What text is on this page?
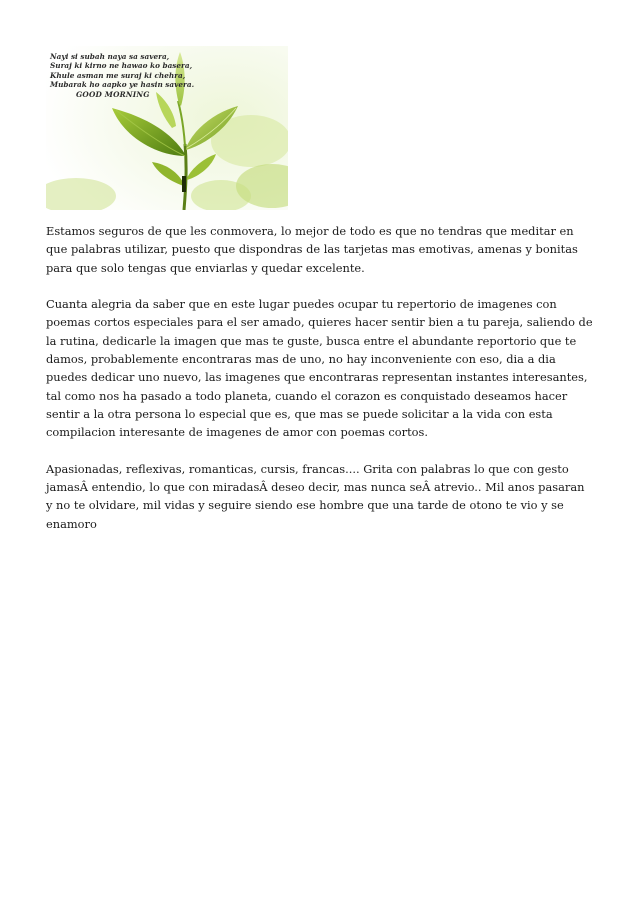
Nayi si subah naya sa savera,
Suraj ki kirno ne hawao ko basera,
Khule asman me suraj ki chehra,
Mubarak ho aapko ye hasin savera.
GOOD MORNING

Estamos seguros de que les conmovera, lo mejor de todo es que no tendras que meditar en que palabras utilizar, puesto que dispondras de las tarjetas mas emotivas, amenas y bonitas para que solo tengas que enviarlas y quedar excelente.

Cuanta alegria da saber que en este lugar puedes ocupar tu repertorio de imagenes con poemas cortos especiales para el ser amado, quieres hacer sentir bien a tu pareja, saliendo de la rutina, dedicarle la imagen que mas te guste, busca entre el abundante reportorio que te damos, probablemente encontraras mas de uno, no hay inconveniente con eso, dia a dia puedes dedicar uno nuevo, las imagenes que encontraras representan instantes interesantes, tal como nos ha pasado a todo planeta, cuando el corazon es conquistado deseamos hacer sentir a la otra persona lo especial que es, que mas se puede solicitar a la vida con esta compilacion interesante de imagenes de amor con poemas cortos.

Apasionadas, reflexivas, romanticas, cursis, francas.... Grita con palabras lo que con gesto jamasÂ entendio, lo que con miradasÂ deseo decir, mas nunca seÂ atrevio.. Mil anos pasaran y no te olvidare, mil vidas y seguire siendo ese hombre que una tarde de otono te vio y se enamoro
